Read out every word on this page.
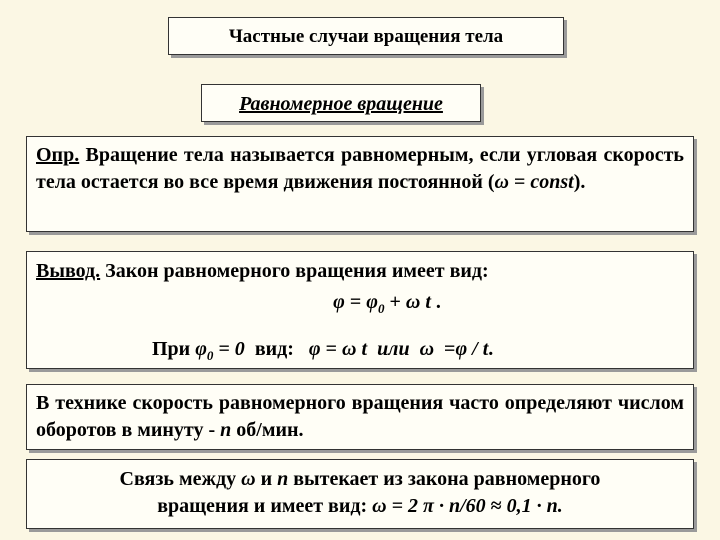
Частные случаи вращения тела
Равномерное вращение
Опр. Вращение тела называется равномерным, если угловая скорость тела остается во все время движения постоянной (ω = const).
Вывод. Закон равномерного вращения имеет вид:
$\varphi = \varphi_0 + \omega$ t .
При $\varphi_0 = 0$  вид:   φ = ω t  или  ω  =φ / t.
В технике скорость равномерного вращения часто определяют числом оборотов в минуту - n об/мин.
Связь между ω и n вытекает из закона равномерного
вращения и имеет вид: ω = 2 π · n/60 ≈ 0,1 · n.
